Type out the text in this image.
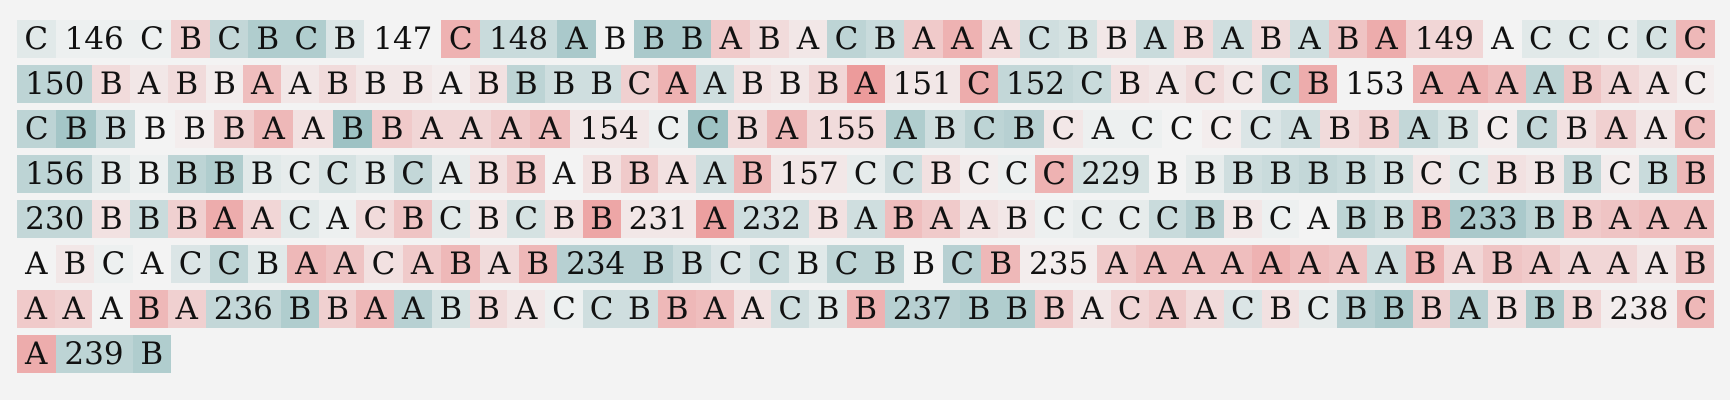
C 146 C B C B C B 147 C 148 A B B B A B A C B A A A C B B A B A B A B A 149 A C C C C C
150 B A B B A A B B B A B B B B C A A B B B A 151 C 152 C B A C C C B 153 A A A A B A A C
C B B B B B A A B B A A A A 154 C C B A 155 A B C B C A C C C C A B B A B C C B A A C
156 B B B B B C C B C A B B A B B A A B 157 C C B C C C 229 B B B B B B B C C B B B C B B
230 B B B A A C A C B C B C B B 231 A 232 B A B A A B C C C C B B C A B B B 233 B B A A A
A B C A C C B A A C A B A B 234 B B C C B C B B C B 235 A A A A A A A A B A B A A A A B
A A A B A 236 B B A A B B A C C B B A A C B B 237 B B B A C A A C B C B B B A B B B 238 C
A 239 B
